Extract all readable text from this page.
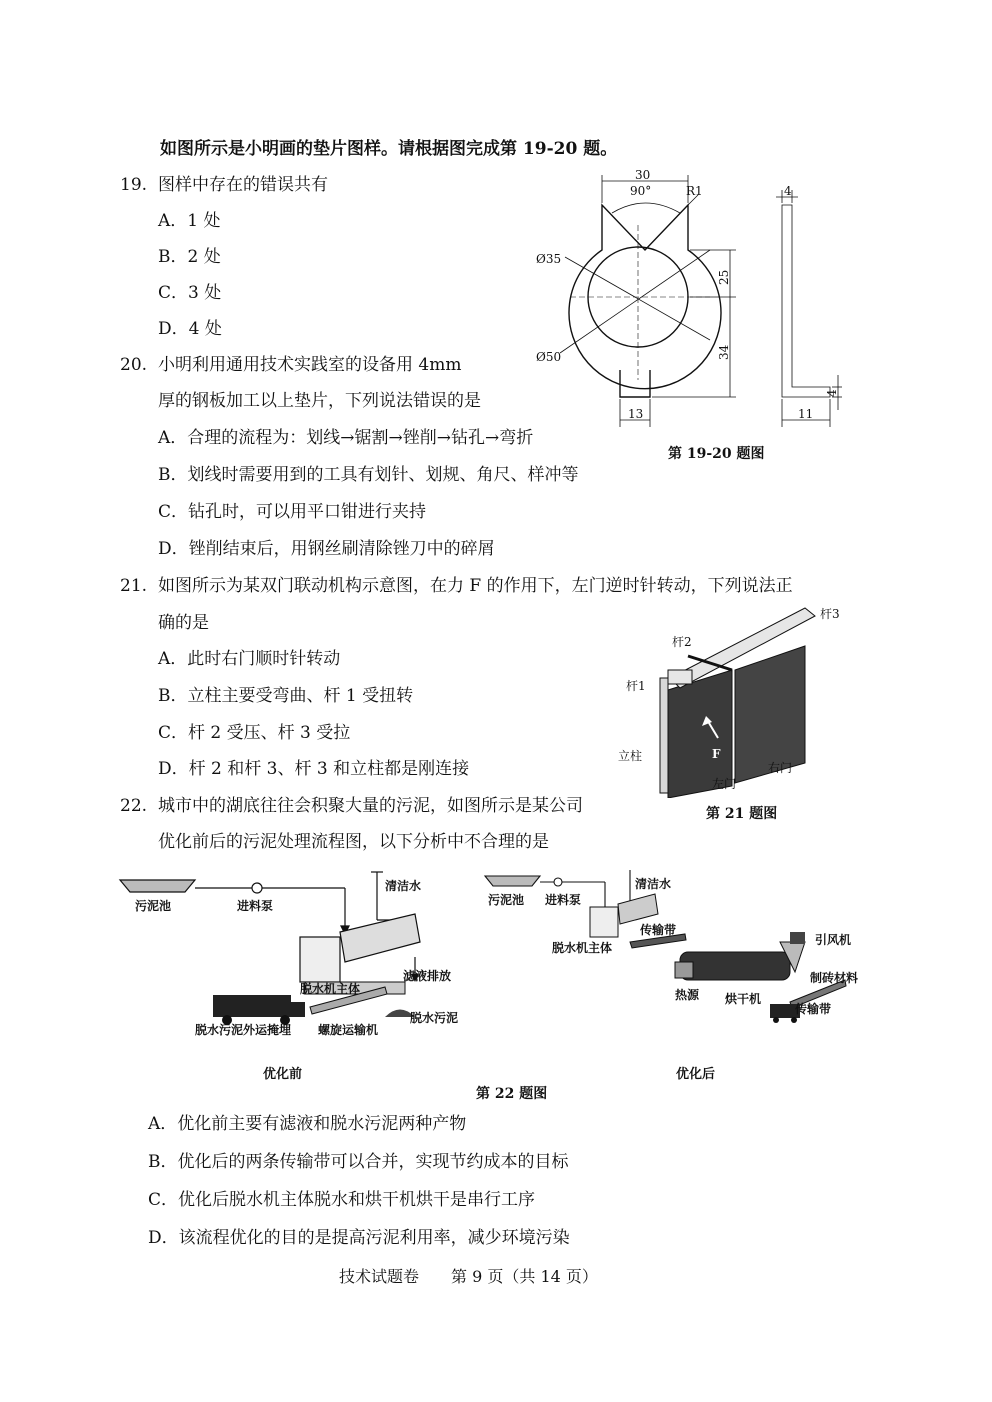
如图所示是小明画的垫片图样。请根据图完成第 19-20 题。
19. 图样中存在的错误共有
A．1 处
B．2 处
C．3 处
D．4 处
20. 小明利用通用技术实践室的设备用 4mm
厚的钢板加工以上垫片，下列说法错误的是
A．合理的流程为：划线→锯割→锉削→钻孔→弯折
B．划线时需要用到的工具有划针、划规、角尺、样冲等
C．钻孔时，可以用平口钳进行夹持
D．锉削结束后，用钢丝刷清除锉刀中的碎屑
21. 如图所示为某双门联动机构示意图，在力 F 的作用下，左门逆时针转动，下列说法正
确的是
A．此时右门顺时针转动
B．立柱主要受弯曲、杆 1 受扭转
C．杆 2 受压、杆 3 受拉
D．杆 2 和杆 3、杆 3 和立柱都是刚连接
22. 城市中的湖底往往会积聚大量的污泥，如图所示是某公司
优化前后的污泥处理流程图，以下分析中不合理的是
A．优化前主要有滤液和脱水污泥两种产物
B．优化后的两条传输带可以合并，实现节约成本的目标
C．优化后脱水机主体脱水和烘干机烘干是串行工序
D．该流程优化的目的是提高污泥利用率，减少环境污染
30
90°	R1
Ø35
Ø50
25
34
13
4
4
11
第 19-20 题图
杆3
杆2
杆1
立柱	F
左门
右门
第 21 题图
污泥池	进料泵
清洁水
滤液排放
脱水机主体
脱水污泥
螺旋运输机
脱水污泥外运掩埋
优化前
污泥池 进料泵
清洁水
传输带
脱水机主体
引风机
制砖材料
热源 烘干机
传输带
优化后
第 22 题图
技术试题卷　　第 9 页（共 14 页）
